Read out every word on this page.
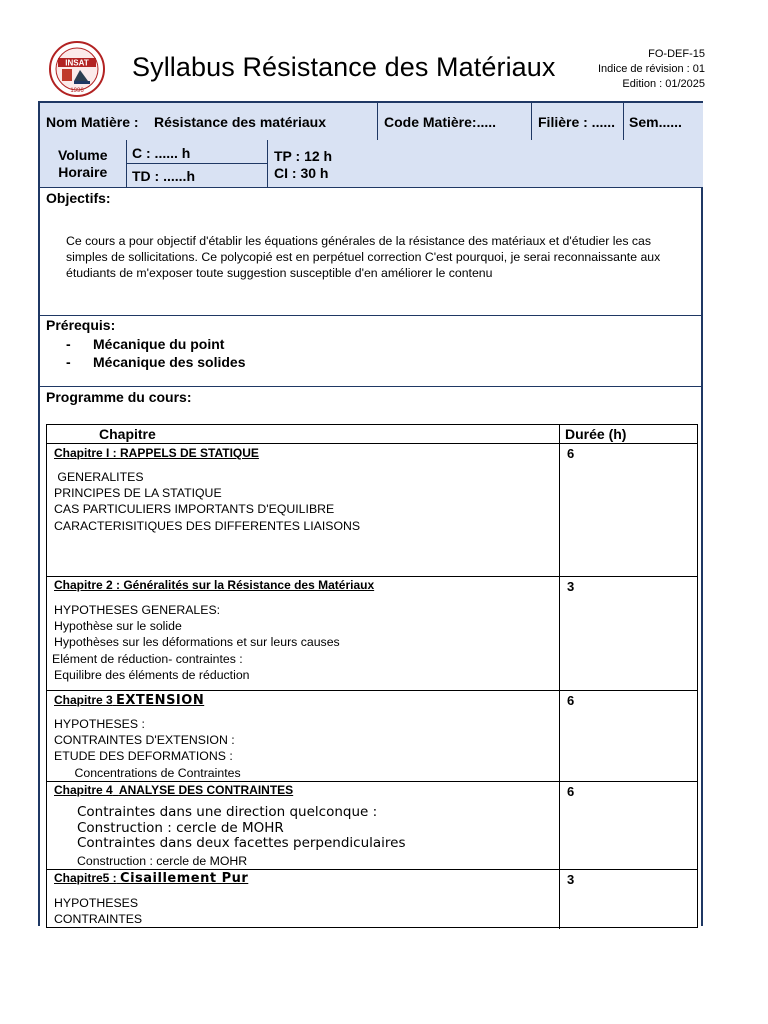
INSAT
1996
Syllabus Résistance des Matériaux	FO-DEF-15
Indice de révision : 01
Edition : 01/2025
Nom Matière : Résistance des matériaux	Code Matière:.....	Filière : ...... Sem......
Volume
Horaire
C : ...... h
TD : ......h
TP : 12 h
CI : 30 h
Objectifs:
Ce cours a pour objectif d'établir les équations générales de la résistance des matériaux et d'étudier les cas simples de sollicitations. Ce polycopié est en perpétuel correction C'est pourquoi, je serai reconnaissante aux étudiants de m'exposer toute suggestion susceptible d'en améliorer le contenu
Prérequis:
- Mécanique du point
- Mécanique des solides
Programme du cours:
Chapitre	Durée (h)
Chapitre I : RAPPELS DE STATIQUE	6
GENERALITES
PRINCIPES DE LA STATIQUE
CAS PARTICULIERS IMPORTANTS D'EQUILIBRE
CARACTERISITIQUES DES DIFFERENTES LIAISONS
Chapitre 2 : Généralités sur la Résistance des Matériaux	3
HYPOTHESES GENERALES:
Hypothèse sur le solide
Hypothèses sur les déformations et sur leurs causes
Elément de réduction- contraintes :
Equilibre des éléments de réduction
Chapitre 3 EXTENSION	6
HYPOTHESES :
CONTRAINTES D'EXTENSION :
ETUDE DES DEFORMATIONS :
Concentrations de Contraintes
Chapitre 4 ANALYSE DES CONTRAINTES	6
Contraintes dans une direction quelconque :
Construction : cercle de MOHR
Contraintes dans deux facettes perpendiculaires
Construction : cercle de MOHR
Chapitre5 : Cisaillement Pur	3
HYPOTHESES
CONTRAINTES
